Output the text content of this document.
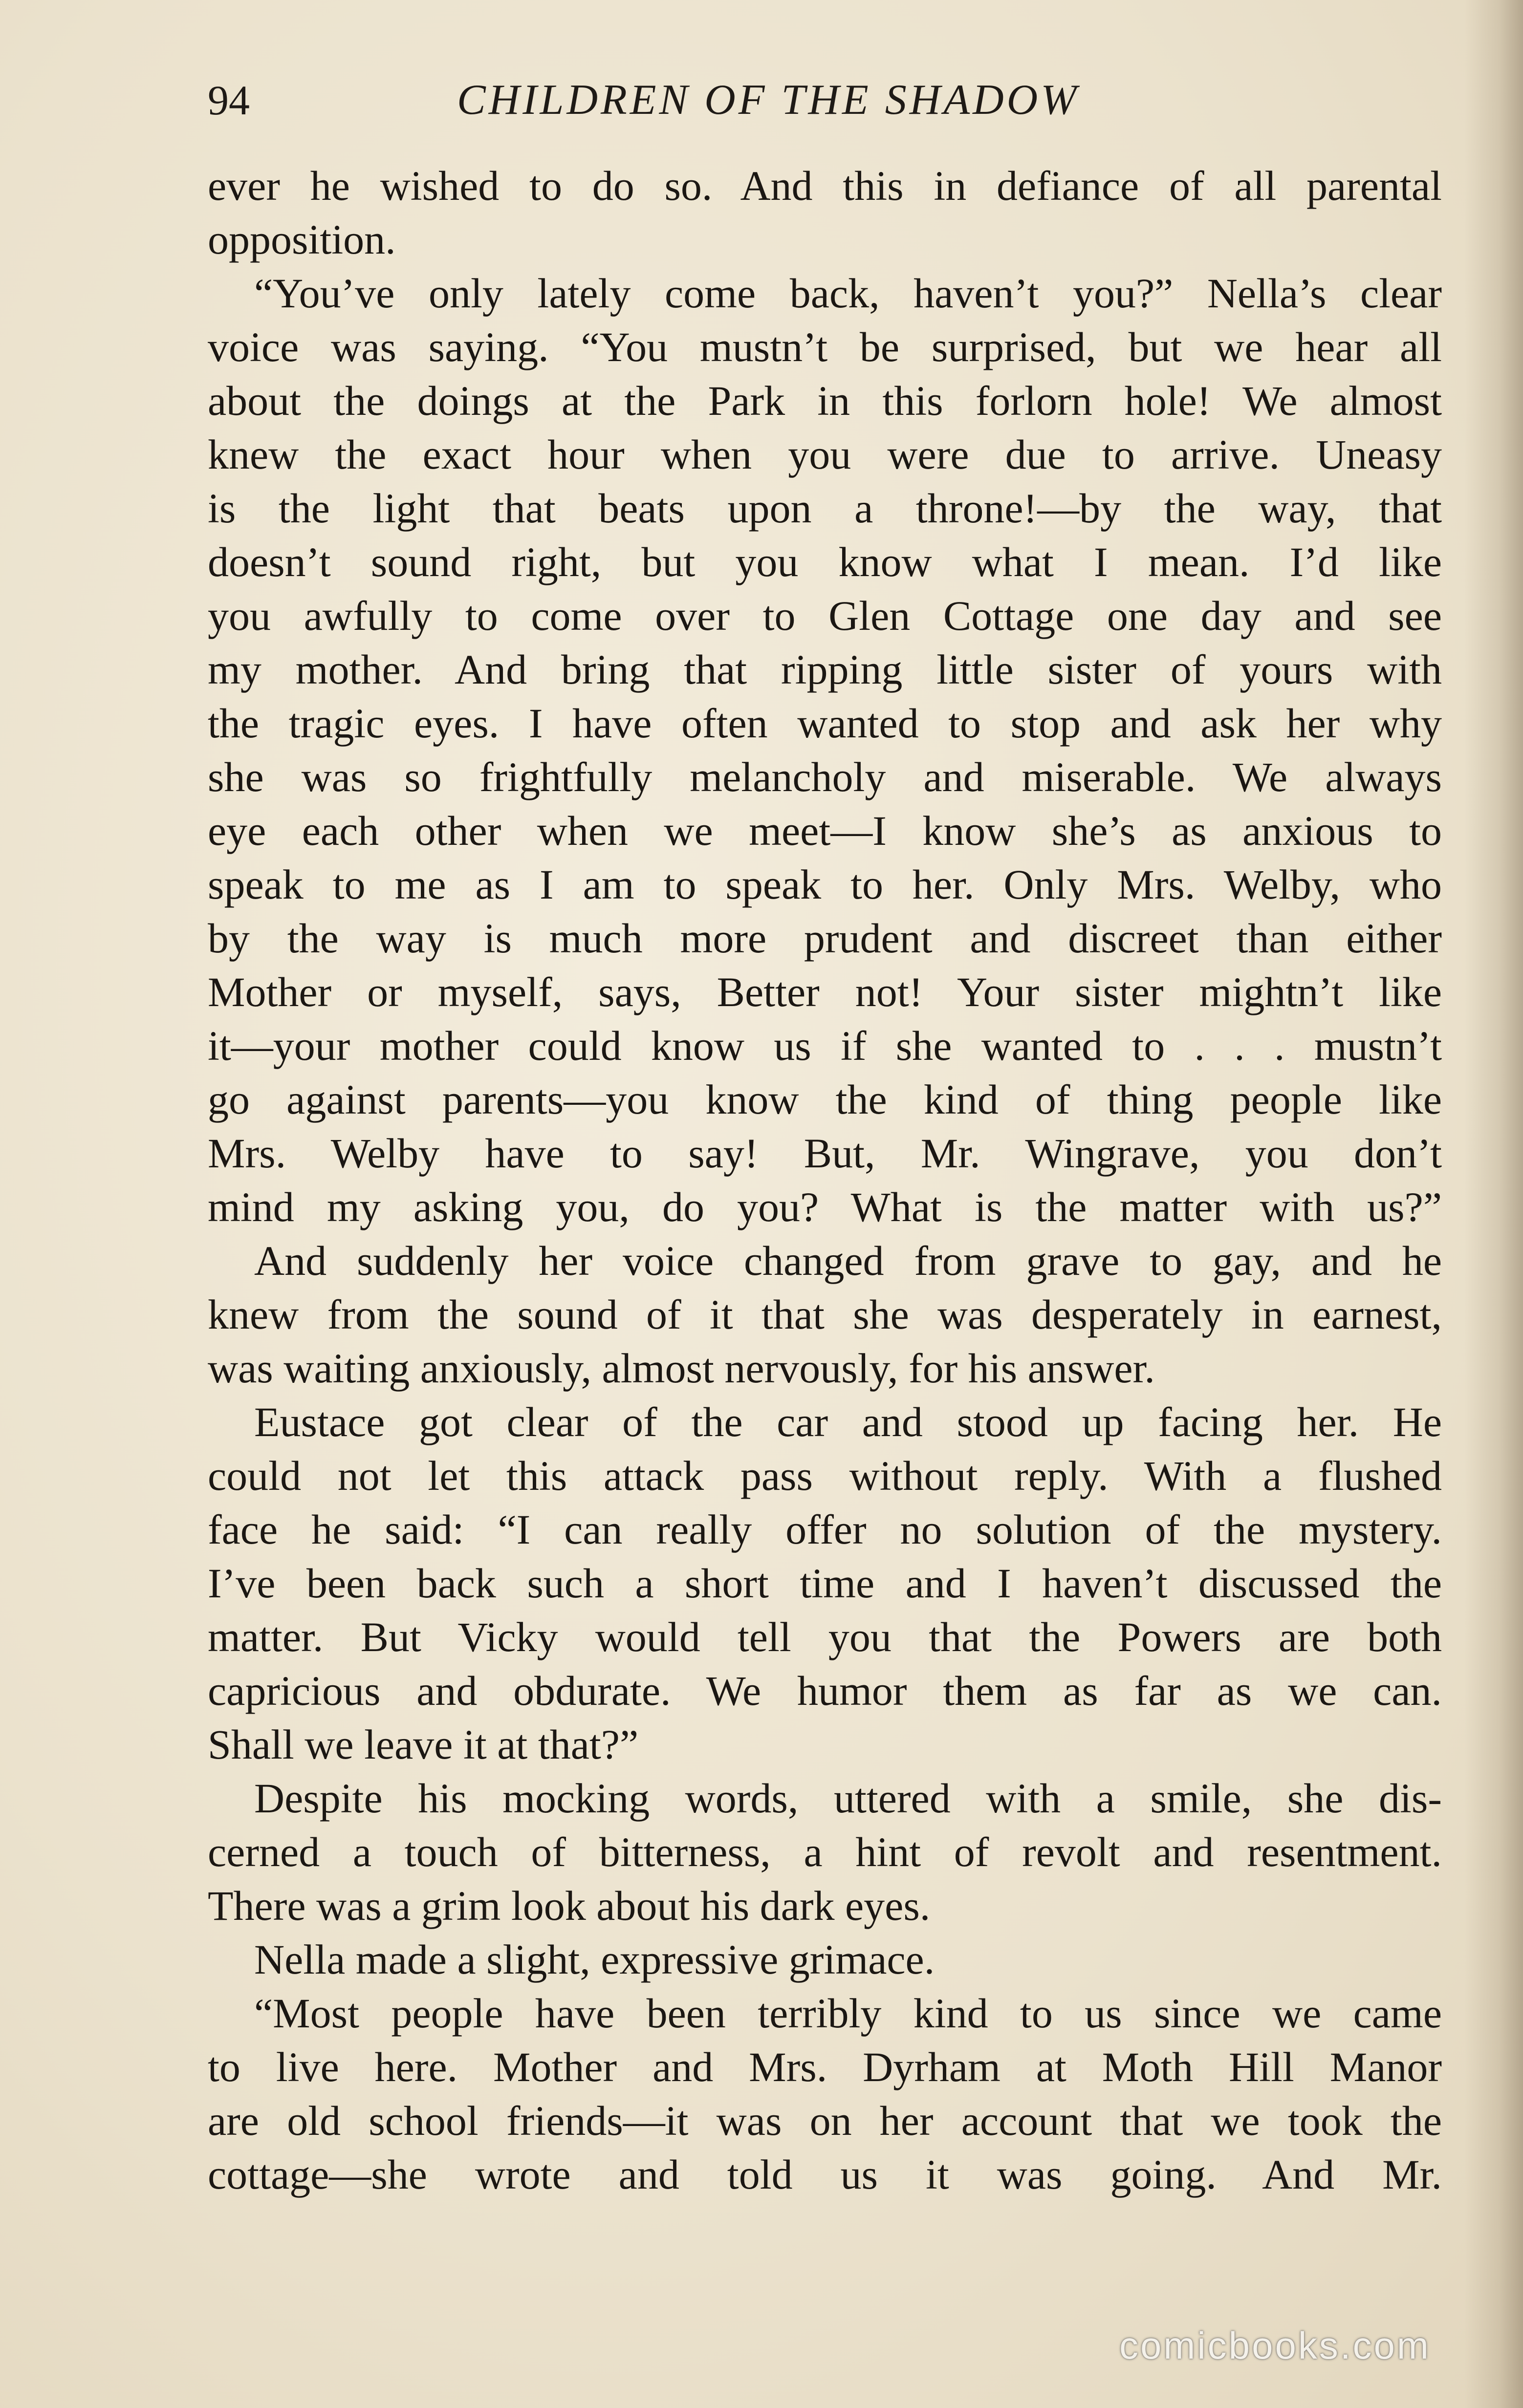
94	CHILDREN OF THE SHADOW
ever he wished to do so. And this in defiance of all parental
opposition.
“You’ve only lately come back, haven’t you?” Nella’s clear
voice was saying. “You mustn’t be surprised, but we hear all
about the doings at the Park in this forlorn hole! We almost
knew the exact hour when you were due to arrive. Uneasy
is the light that beats upon a throne!—by the way, that
doesn’t sound right, but you know what I mean. I’d like
you awfully to come over to Glen Cottage one day and see
my mother. And bring that ripping little sister of yours with
the tragic eyes. I have often wanted to stop and ask her why
she was so frightfully melancholy and miserable. We always
eye each other when we meet—I know she’s as anxious to
speak to me as I am to speak to her. Only Mrs. Welby, who
by the way is much more prudent and discreet than either
Mother or myself, says, Better not! Your sister mightn’t like
it—your mother could know us if she wanted to . . . mustn’t
go against parents—you know the kind of thing people like
Mrs. Welby have to say! But, Mr. Wingrave, you don’t
mind my asking you, do you? What is the matter with us?”
And suddenly her voice changed from grave to gay, and he
knew from the sound of it that she was desperately in earnest,
was waiting anxiously, almost nervously, for his answer.
Eustace got clear of the car and stood up facing her. He
could not let this attack pass without reply. With a flushed
face he said: “I can really offer no solution of the mystery.
I’ve been back such a short time and I haven’t discussed the
matter. But Vicky would tell you that the Powers are both
capricious and obdurate. We humor them as far as we can.
Shall we leave it at that?”
Despite his mocking words, uttered with a smile, she dis-
cerned a touch of bitterness, a hint of revolt and resentment.
There was a grim look about his dark eyes.
Nella made a slight, expressive grimace.
“Most people have been terribly kind to us since we came
to live here. Mother and Mrs. Dyrham at Moth Hill Manor
are old school friends—it was on her account that we took the
cottage—she wrote and told us it was going. And Mr.
comicbooks.com
